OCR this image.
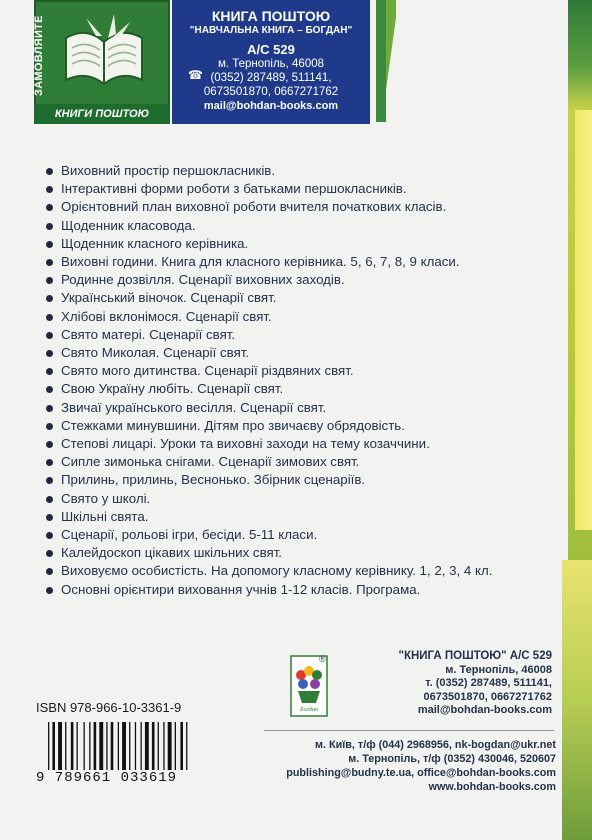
ЗАМОВЛЯЙТЕ
КНИГИ ПОШТОЮ
КНИГА ПОШТОЮ
"НАВЧАЛЬНА КНИГА – БОГДАН"
А/С 529
м. Тернопіль, 46008
(0352) 287489, 511141,
0673501870, 0667271762
mail@bohdan-books.com
☎
Виховний простір першокласників.
Інтерактивні форми роботи з батьками першокласників.
Орієнтовний план виховної роботи вчителя початкових класів.
Щоденник класовода.
Щоденник класного керівника.
Виховні години. Книга для класного керівника. 5, 6, 7, 8, 9 класи.
Родинне дозвілля. Сценарії виховних заходів.
Український віночок. Сценарії свят.
Хлібові вклонімося. Сценарії свят.
Свято матері. Сценарії свят.
Свято Миколая. Сценарії свят.
Свято мого дитинства. Сценарії різдвяних свят.
Свою Україну любіть. Сценарії свят.
Звичаї українського весілля. Сценарії свят.
Стежками минувшини. Дітям про звичаєву обрядовість.
Степові лицарі. Уроки та виховні заходи на тему козаччини.
Сипле зимонька снігами. Сценарії зимових свят.
Прилинь, прилинь, Веснонько. Збірник сценаріїв.
Свято у школі.
Шкільні свята.
Сценарії, рольові ігри, бесіди. 5-11 класи.
Калейдоскоп цікавих шкільних свят.
Виховуємо особистість. На допомогу класному керівнику. 1, 2, 3, 4 кл.
Основні орієнтири виховання учнів 1-12 класів. Програма.
Богдан
®
ISBN 978-966-10-3361-9
9 789661 033619
"КНИГА ПОШТОЮ" А/С 529
м. Тернопіль, 46008
т. (0352) 287489, 511141,
0673501870, 0667271762
mail@bohdan-books.com
м. Київ, т/ф (044) 2968956, nk-bogdan@ukr.net
м. Тернопіль, т/ф (0352) 430046, 520607
publishing@budny.te.ua, office@bohdan-books.com
www.bohdan-books.com
